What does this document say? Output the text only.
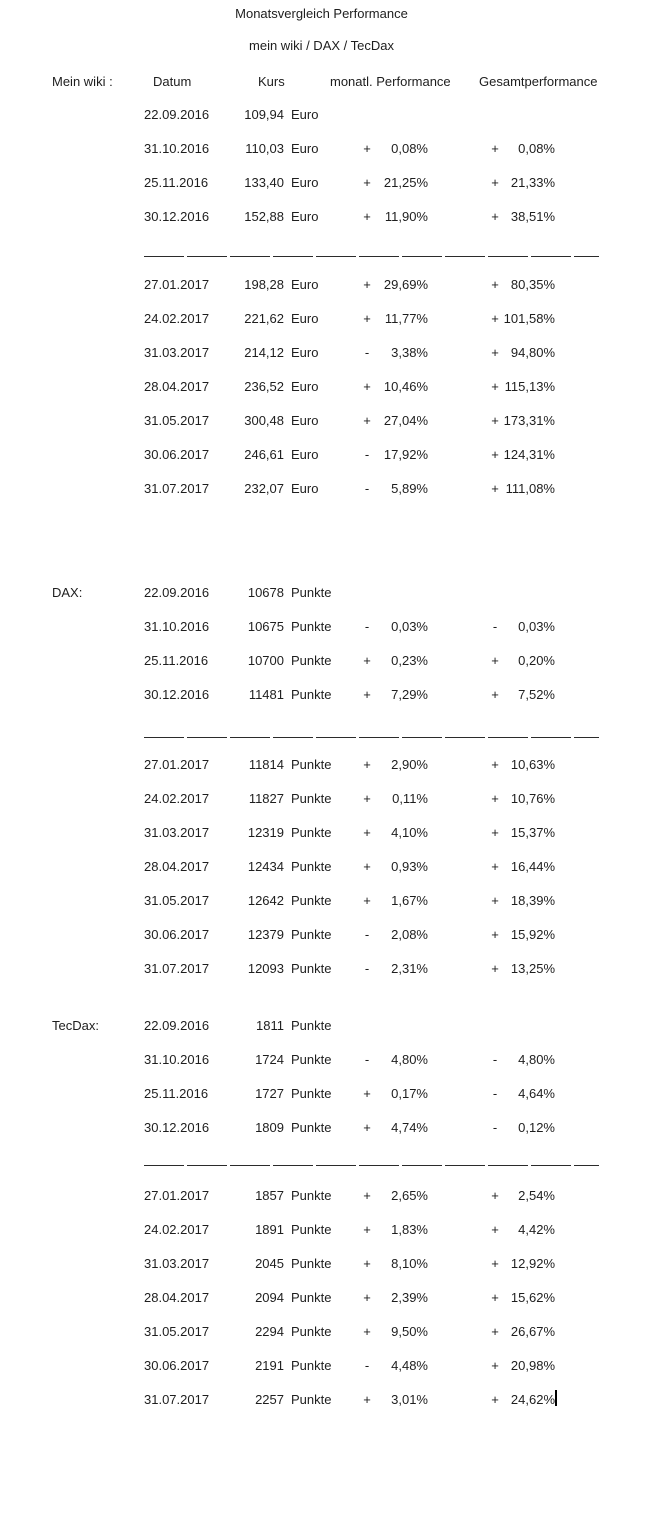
Monatsvergleich Performance
mein wiki / DAX / TecDax
Mein wiki :	Datum	Kurs	monatl. Performance Gesamtperformance
22.09.2016	109,94 Euro
31.10.2016	110,03 Euro	+	0,08%	+	0,08%
25.11.2016	133,40 Euro	+	21,25%	+ 21,33%
30.12.2016	152,88 Euro	+	11,90%	+ 38,51%
27.01.2017	198,28 Euro	+	29,69%	+ 80,35%
24.02.2017	221,62 Euro	+	11,77%	+ 101,58%
31.03.2017	214,12 Euro	-	3,38%	+ 94,80%
28.04.2017	236,52 Euro	+	10,46%	+ 115,13%
31.05.2017	300,48 Euro	+	27,04%	+ 173,31%
30.06.2017	246,61 Euro	-	17,92%	+ 124,31%
31.07.2017	232,07 Euro	-	5,89%	+ 111,08%
DAX:	22.09.2016	10678 Punkte
31.10.2016	10675 Punkte	-	0,03%	-	0,03%
25.11.2016	10700 Punkte +	0,23%	+	0,20%
30.12.2016	11481 Punkte +	7,29%	+	7,52%
27.01.2017	11814 Punkte +	2,90%	+ 10,63%
24.02.2017	11827 Punkte +	0,11%	+ 10,76%
31.03.2017	12319 Punkte +	4,10%	+ 15,37%
28.04.2017	12434 Punkte +	0,93%	+ 16,44%
31.05.2017	12642 Punkte +	1,67%	+ 18,39%
30.06.2017	12379 Punkte	-	2,08%	+ 15,92%
31.07.2017	12093 Punkte	-	2,31%	+ 13,25%
TecDax:	22.09.2016	1811 Punkte
31.10.2016	1724 Punkte	-	4,80%	-	4,80%
25.11.2016	1727 Punkte +	0,17%	-	4,64%
30.12.2016	1809 Punkte +	4,74%	-	0,12%
27.01.2017	1857 Punkte +	2,65%	+	2,54%
24.02.2017	1891 Punkte +	1,83%	+	4,42%
31.03.2017	2045 Punkte +	8,10%	+ 12,92%
28.04.2017	2094 Punkte +	2,39%	+ 15,62%
31.05.2017	2294 Punkte +	9,50%	+ 26,67%
30.06.2017	2191 Punkte	-	4,48%	+ 20,98%
31.07.2017	2257 Punkte +	3,01%	+ 24,62%
